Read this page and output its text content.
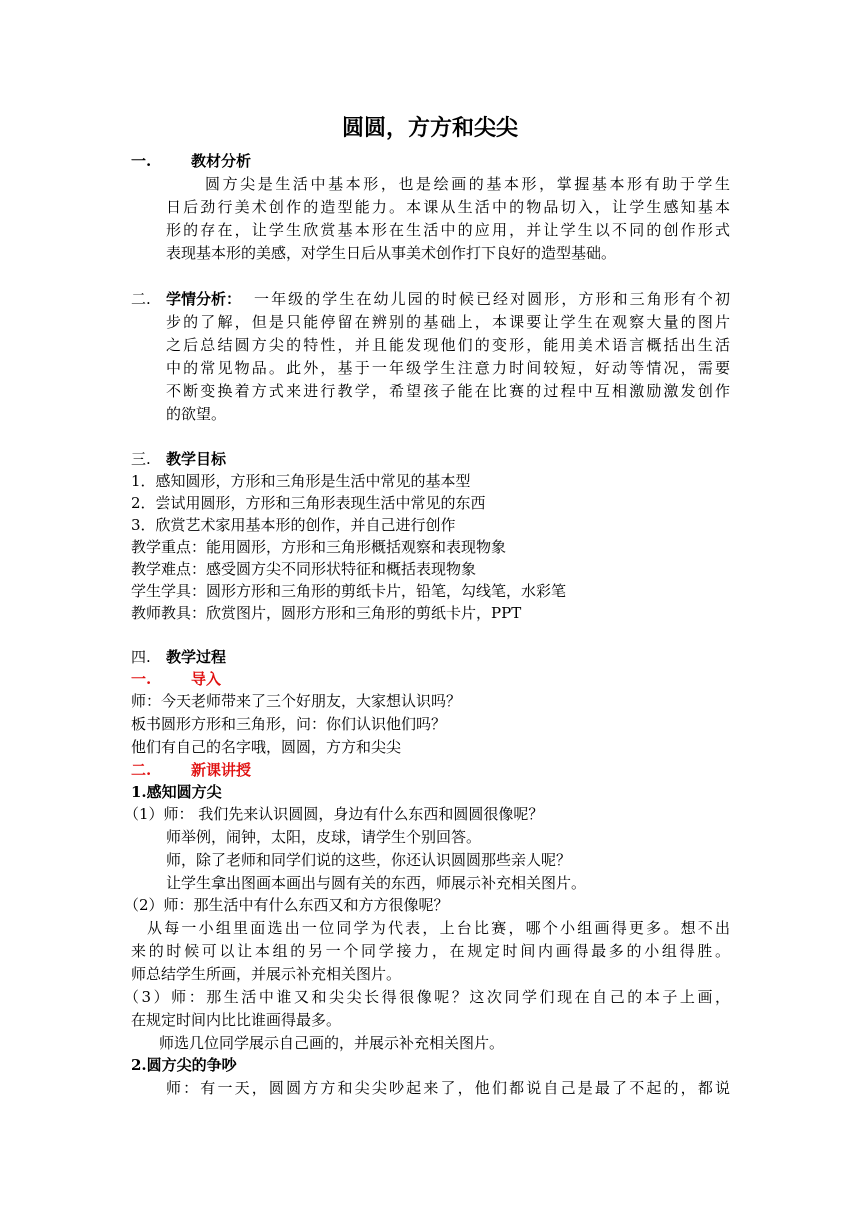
圆圆，方方和尖尖
一.	教材分析
圆方尖是生活中基本形，也是绘画的基本形，掌握基本形有助于学生
日后劲行美术创作的造型能力。本课从生活中的物品切入，让学生感知基本
形的存在，让学生欣赏基本形在生活中的应用，并让学生以不同的创作形式
表现基本形的美感，对学生日后从事美术创作打下良好的造型基础。
二. 学情分析： 一年级的学生在幼儿园的时候已经对圆形，方形和三角形有个初
步的了解，但是只能停留在辨别的基础上，本课要让学生在观察大量的图片
之后总结圆方尖的特性，并且能发现他们的变形，能用美术语言概括出生活
中的常见物品。此外，基于一年级学生注意力时间较短，好动等情况，需要
不断变换着方式来进行教学，希望孩子能在比赛的过程中互相激励激发创作
的欲望。
三. 教学目标
1．感知圆形，方形和三角形是生活中常见的基本型
2．尝试用圆形，方形和三角形表现生活中常见的东西
3．欣赏艺术家用基本形的创作，并自己进行创作
教学重点：能用圆形，方形和三角形概括观察和表现物象
教学难点：感受圆方尖不同形状特征和概括表现物象
学生学具：圆形方形和三角形的剪纸卡片，铅笔，勾线笔，水彩笔
教师教具：欣赏图片，圆形方形和三角形的剪纸卡片，PPT
四. 教学过程
一.	导入
师：今天老师带来了三个好朋友，大家想认识吗？
板书圆形方形和三角形，问：你们认识他们吗？
他们有自己的名字哦，圆圆，方方和尖尖
二.	新课讲授
1.感知圆方尖
（1）师： 我们先来认识圆圆，身边有什么东西和圆圆很像呢？
师举例，闹钟，太阳，皮球，请学生个别回答。
师，除了老师和同学们说的这些，你还认识圆圆那些亲人呢？
让学生拿出图画本画出与圆有关的东西，师展示补充相关图片。
（2）师：那生活中有什么东西又和方方很像呢？
从每一小组里面选出一位同学为代表，上台比赛，哪个小组画得更多。想不出
来的时候可以让本组的另一个同学接力，在规定时间内画得最多的小组得胜。
师总结学生所画，并展示补充相关图片。
（3）师：那生活中谁又和尖尖长得很像呢？这次同学们现在自己的本子上画，
在规定时间内比比谁画得最多。
师选几位同学展示自己画的，并展示补充相关图片。
2.圆方尖的争吵
师：有一天，圆圆方方和尖尖吵起来了，他们都说自己是最了不起的，都说
